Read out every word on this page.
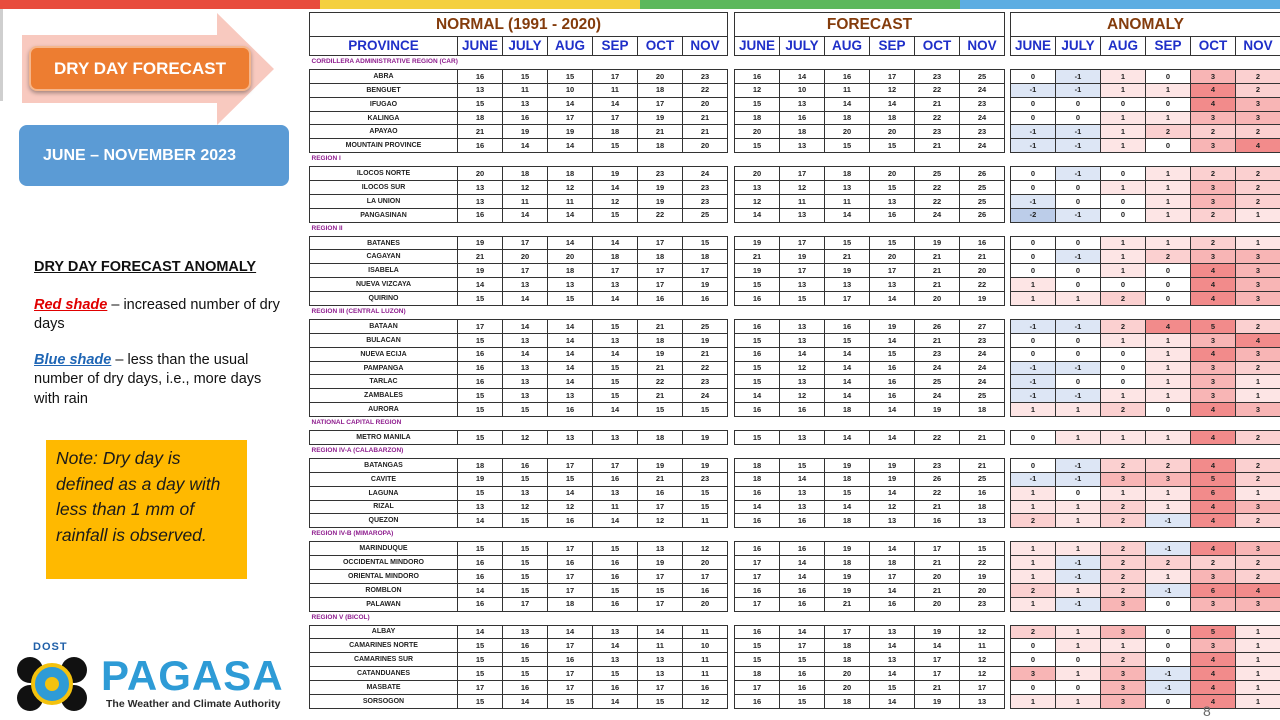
DRY DAY FORECAST
JUNE – NOVEMBER 2023
DRY DAY FORECAST ANOMALY

Red shade – increased number of dry days

Blue shade – less than the usual number of dry days, i.e., more days with rain

Note: Dry day is defined as a day with less than 1 mm of rainfall is observed.
DOST
PAGASA
The Weather and Climate Authority
NORMAL (1991 - 2020)						
PROVINCE	JUNE	JULY	AUG	SEP	OCT	NOV
CORDILLERA ADMINISTRATIVE REGION (CAR)						
ABRA	16	15	15	17	20	23
BENGUET	13	11	10	11	18	22
IFUGAO	15	13	14	14	17	20
KALINGA	18	16	17	17	19	21
APAYAO	21	19	19	18	21	21
MOUNTAIN PROVINCE	16	14	14	15	18	20
REGION I						
ILOCOS NORTE	20	18	18	19	23	24
ILOCOS SUR	13	12	12	14	19	23
LA UNION	13	11	11	12	19	23
PANGASINAN	16	14	14	15	22	25
REGION II						
BATANES	19	17	14	14	17	15
CAGAYAN	21	20	20	18	18	18
ISABELA	19	17	18	17	17	17
NUEVA VIZCAYA	14	13	13	13	17	19
QUIRINO	15	14	15	14	16	16
REGION III (CENTRAL LUZON)						
BATAAN	17	14	14	15	21	25
BULACAN	15	13	14	13	18	19
NUEVA ECIJA	16	14	14	14	19	21
PAMPANGA	16	13	14	15	21	22
TARLAC	16	13	14	15	22	23
ZAMBALES	15	13	13	15	21	24
AURORA	15	15	16	14	15	15
NATIONAL CAPITAL REGION						
METRO MANILA	15	12	13	13	18	19
REGION IV-A (CALABARZON)						
BATANGAS	18	16	17	17	19	19
CAVITE	19	15	15	16	21	23
LAGUNA	15	13	14	13	16	15
RIZAL	13	12	12	11	17	15
QUEZON	14	15	16	14	12	11
REGION IV-B (MIMAROPA)						
MARINDUQUE	15	15	17	15	13	12
OCCIDENTAL MINDORO	16	15	16	16	19	20
ORIENTAL MINDORO	16	15	17	16	17	17
ROMBLON	14	15	17	15	15	16
PALAWAN	16	17	18	16	17	20
REGION V (BICOL)						
ALBAY	14	13	14	13	14	11
CAMARINES NORTE	15	16	17	14	11	10
CAMARINES SUR	15	15	16	13	13	11
CATANDUANES	15	15	17	15	13	11
MASBATE	17	16	17	16	17	16
SORSOGON	15	14	15	14	15	12
FORECAST					
JUNE	JULY	AUG	SEP	OCT	NOV

16	14	16	17	23	25
12	10	11	12	22	24
15	13	14	14	21	23
18	16	18	18	22	24
20	18	20	20	23	23
15	13	15	15	21	24

20	17	18	20	25	26
13	12	13	15	22	25
12	11	11	13	22	25
14	13	14	16	24	26

19	17	15	15	19	16
21	19	21	20	21	21
19	17	19	17	21	20
15	13	13	13	21	22
16	15	17	14	20	19

16	13	16	19	26	27
15	13	15	14	21	23
16	14	14	15	23	24
15	12	14	16	24	24
15	13	14	16	25	24
14	12	14	16	24	25
16	16	18	14	19	18

15	13	14	14	22	21

18	15	19	19	23	21
18	14	18	19	26	25
16	13	15	14	22	16
14	13	14	12	21	18
16	16	18	13	16	13

16	16	19	14	17	15
17	14	18	18	21	22
17	14	19	17	20	19
16	16	19	14	21	20
17	16	21	16	20	23

16	14	17	13	19	12
15	17	18	14	14	11
15	15	18	13	17	12
18	16	20	14	17	12
17	16	20	15	21	17
16	15	18	14	19	13
ANOMALY					
JUNE	JULY	AUG	SEP	OCT	NOV

0	-1	1	0	3	2
-1	-1	1	1	4	2
0	0	0	0	4	3
0	0	1	1	3	3
-1	-1	1	2	2	2
-1	-1	1	0	3	4

0	-1	0	1	2	2
0	0	1	1	3	2
-1	0	0	1	3	2
-2	-1	0	1	2	1

0	0	1	1	2	1
0	-1	1	2	3	3
0	0	1	0	4	3
1	0	0	0	4	3
1	1	2	0	4	3

-1	-1	2	4	5	2
0	0	1	1	3	4
0	0	0	1	4	3
-1	-1	0	1	3	2
-1	0	0	1	3	1
-1	-1	1	1	3	1
1	1	2	0	4	3

0	1	1	1	4	2

0	-1	2	2	4	2
-1	-1	3	3	5	2
1	0	1	1	6	1
1	1	2	1	4	3
2	1	2	-1	4	2

1	1	2	-1	4	3
1	-1	2	2	2	2
1	-1	2	1	3	2
2	1	2	-1	6	4
1	-1	3	0	3	3

2	1	3	0	5	1
0	1	1	0	3	1
0	0	2	0	4	1
3	1	3	-1	4	1
0	0	3	-1	4	1
1	1	3	0	4	1
8
